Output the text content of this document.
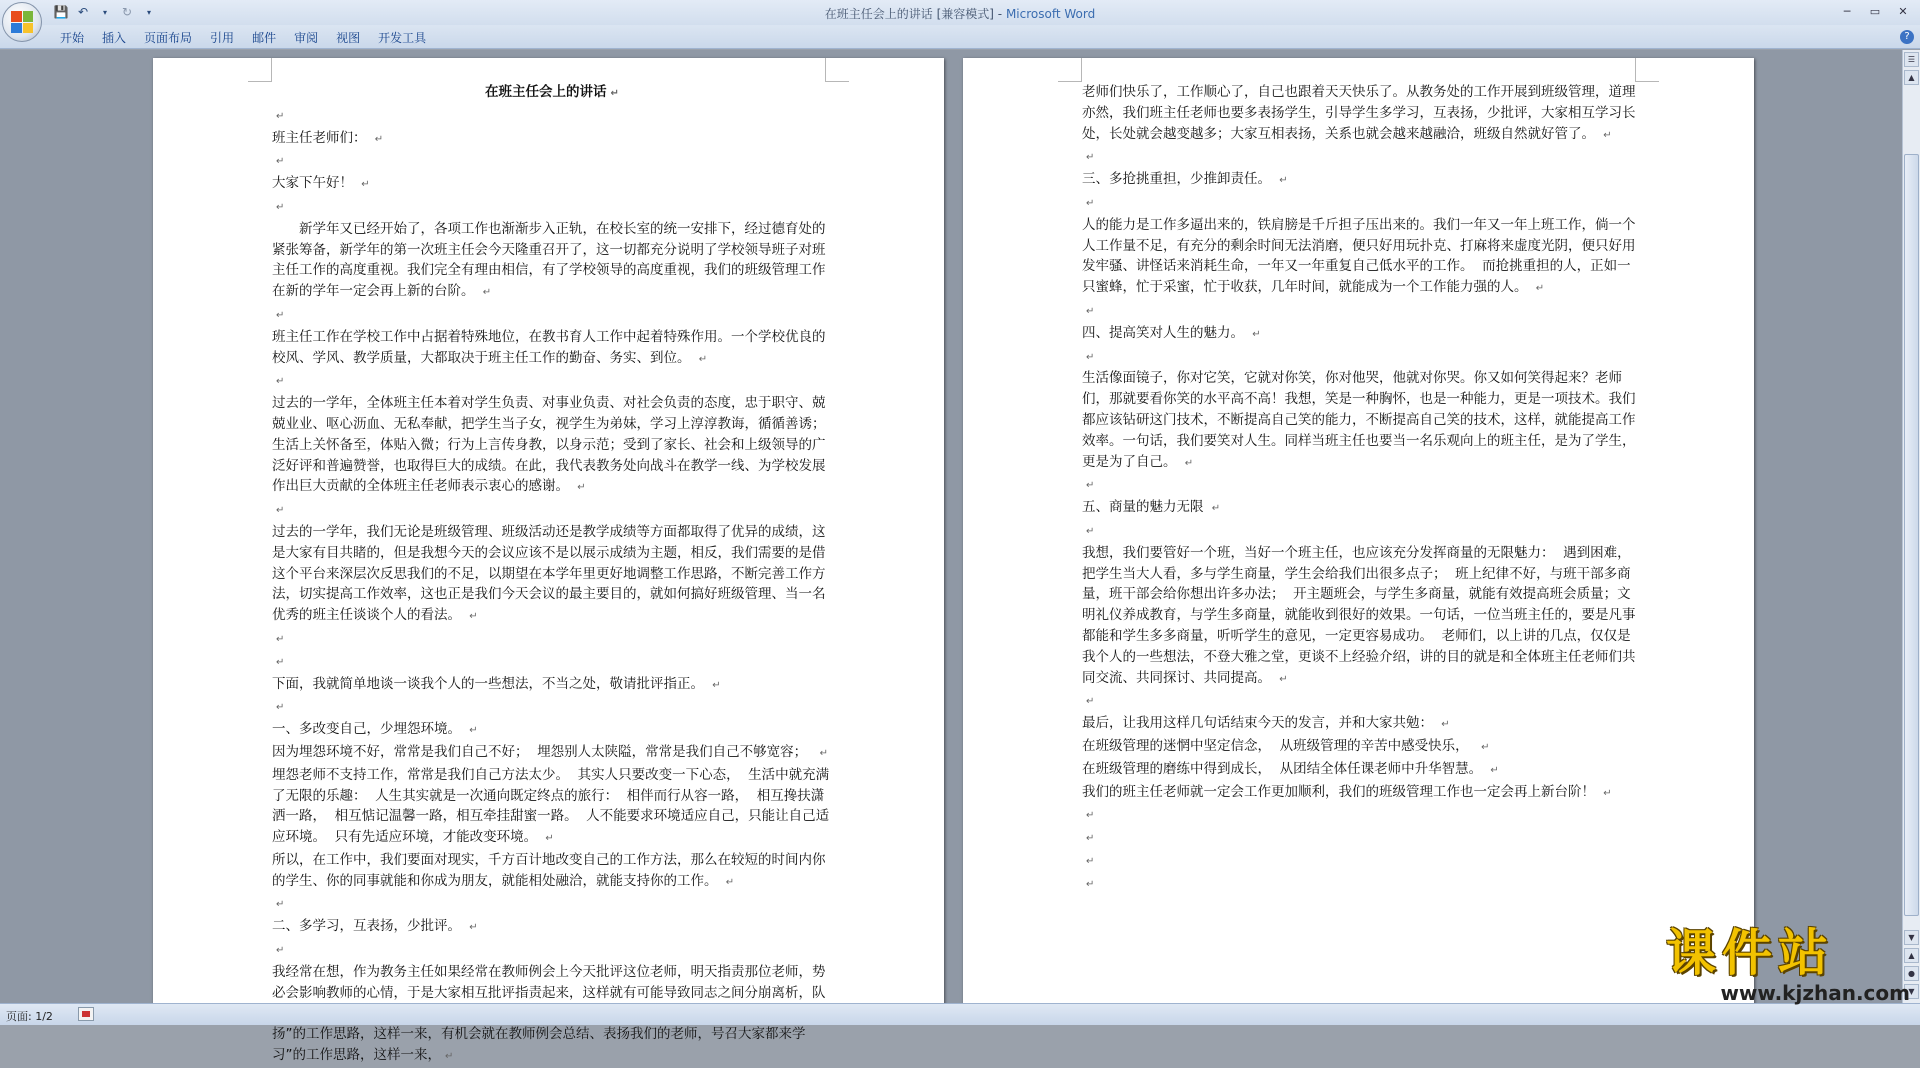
💾 ↶	▾	↻	▾	在班主任会上的讲话 [兼容模式] - Microsoft Word	─	▭	✕
开始	插入	页面布局	引用	邮件	审阅	视图	开发工具	?

在班主任会上的讲话 ↵

↵

班主任老师们： ↵

↵

大家下午好！ ↵

↵

新学年又已经开始了，各项工作也渐渐步入正轨，在校长室的统一安排下，经过德育处的紧张筹备，新学年的第一次班主任会今天隆重召开了，这一切都充分说明了学校领导班子对班主任工作的高度重视。我们完全有理由相信，有了学校领导的高度重视，我们的班级管理工作在新的学年一定会再上新的台阶。 ↵

↵

班主任工作在学校工作中占据着特殊地位，在教书育人工作中起着特殊作用。一个学校优良的校风、学风、教学质量，大都取决于班主任工作的勤奋、务实、到位。 ↵

↵

过去的一学年，全体班主任本着对学生负责、对事业负责、对社会负责的态度，忠于职守、兢兢业业、呕心沥血、无私奉献，把学生当子女，视学生为弟妹，学习上淳淳教诲，循循善诱；生活上关怀备至，体贴入微；行为上言传身教，以身示范；受到了家长、社会和上级领导的广泛好评和普遍赞誉，也取得巨大的成绩。在此，我代表教务处向战斗在教学一线、为学校发展作出巨大贡献的全体班主任老师表示衷心的感谢。 ↵

↵

过去的一学年，我们无论是班级管理、班级活动还是教学成绩等方面都取得了优异的成绩，这是大家有目共睹的，但是我想今天的会议应该不是以展示成绩为主题，相反，我们需要的是借这个平台来深层次反思我们的不足，以期望在本学年里更好地调整工作思路，不断完善工作方法，切实提高工作效率，这也正是我们今天会议的最主要目的，就如何搞好班级管理、当一名优秀的班主任谈谈个人的看法。 ↵

↵

↵

下面，我就简单地谈一谈我个人的一些想法，不当之处，敬请批评指正。 ↵

↵

一、多改变自己，少埋怨环境。 ↵

因为埋怨环境不好，常常是我们自己不好；  埋怨别人太陕隘，常常是我们自己不够宽容；  ↵

埋怨老师不支持工作，常常是我们自己方法太少。  其实人只要改变一下心态，  生活中就充满了无限的乐趣：  人生其实就是一次通向既定终点的旅行：  相伴而行从容一路，  相互搀扶潇洒一路，  相互惦记温馨一路，相互牵挂甜蜜一路。  人不能要求环境适应自己，只能让自己适应环境。  只有先适应环境，才能改变环境。 ↵

所以，在工作中，我们要面对现实，千方百计地改变自己的工作方法，那么在较短的时间内你的学生、你的同事就能和你成为朋友，就能相处融洽，就能支持你的工作。 ↵

↵

二、多学习，互表扬，少批评。 ↵

↵

我经常在想，作为教务主任如果经常在教师例会上今天批评这位老师，明天指责那位老师，势必会影响教师的心情，于是大家相互批评指责起来，这样就有可能导致同志之间分崩离析，队 扬”的工作思路，这样一来，有机会就在教师例会总结、表扬我们的老师，号召大家都来学习”的工作思路，这样一来， ↵

老师们快乐了，工作顺心了，自己也跟着天天快乐了。从教务处的工作开展到班级管理，道理亦然，我们班主任老师也要多表扬学生，引导学生多学习，互表扬，少批评，大家相互学习长处，长处就会越变越多；大家互相表扬，关系也就会越来越融洽，班级自然就好管了。 ↵

↵

三、多抢挑重担，少推卸责任。 ↵

↵

人的能力是工作多逼出来的，铁肩膀是千斤担子压出来的。我们一年又一年上班工作，倘一个人工作量不足，有充分的剩余时间无法消磨，便只好用玩扑克、打麻将来虚度光阴，便只好用发牢骚、讲怪话来消耗生命，一年又一年重复自己低水平的工作。  而抢挑重担的人，正如一只蜜蜂，忙于采蜜，忙于收获，几年时间，就能成为一个工作能力强的人。 ↵

↵

四、提高笑对人生的魅力。 ↵

↵

生活像面镜子，你对它笑，它就对你笑，你对他哭，他就对你哭。你又如何笑得起来？老师们，那就要看你笑的水平高不高！我想，笑是一种胸怀，也是一种能力，更是一项技术。我们都应该钻研这门技术，不断提高自己笑的能力，不断提高自己笑的技术，这样，就能提高工作效率。一句话，我们要笑对人生。同样当班主任也要当一名乐观向上的班主任，是为了学生，更是为了自己。 ↵

↵

五、商量的魅力无限 ↵

↵

我想，我们要管好一个班，当好一个班主任，也应该充分发挥商量的无限魅力：  遇到困难，把学生当大人看，多与学生商量，学生会给我们出很多点子；  班上纪律不好，与班干部多商量，班干部会给你想出许多办法；  开主题班会，与学生多商量，就能有效提高班会质量；文明礼仪养成教育，与学生多商量，就能收到很好的效果。一句话，一位当班主任的，要是凡事都能和学生多多商量，听听学生的意见，一定更容易成功。  老师们，以上讲的几点，仅仅是我个人的一些想法，不登大雅之堂，更谈不上经验介绍，讲的目的就是和全体班主任老师们共同交流、共同探讨、共同提高。 ↵

↵

最后，让我用这样几句话结束今天的发言，并和大家共勉： ↵

在班级管理的迷惘中坚定信念，  从班级管理的辛苦中感受快乐，  ↵

在班级管理的磨练中得到成长，  从团结全体任课老师中升华智慧。 ↵

我们的班主任老师就一定会工作更加顺利，我们的班级管理工作也一定会再上新台阶！ ↵

↵

↵

↵

↵

☰
▲
▼
▲
●
▼
页面: 1/2
课件站
www.kjzhan.com
